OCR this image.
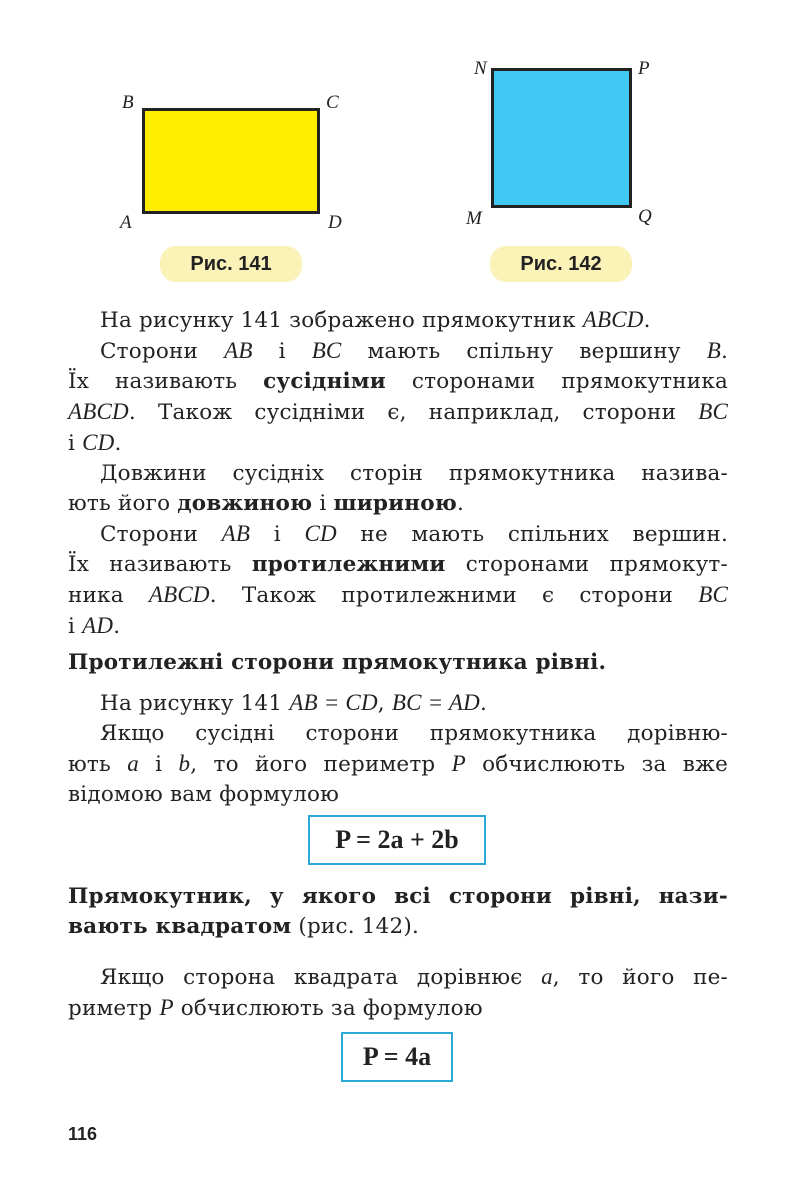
B	C
A	D
Рис. 141
N	P
M	Q
Рис. 142

На рисунку 141 зображено прямокутник ABCD.

Сторони AB і BC мають спільну вершину B.

Їх називають сусідніми сторонами прямокутника

ABCD. Також сусідніми є, наприклад, сторони BC

і CD.

Довжини сусідніх сторін прямокутника назива-

ють його довжиною і шириною.

Сторони AB і CD не мають спільних вершин.

Їх називають протилежними сторонами прямокут-

ника ABCD. Також протилежними є сторони BC

і AD.

Протилежні сторони прямокутника рівні.

На рисунку 141 AB = CD, BC = AD.

Якщо сусідні сторони прямокутника дорівню-

ють a і b, то його периметр P обчислюють за вже

відомою вам формулою

P = 2a + 2b

Прямокутник, у якого всі сторони рівні, нази-

вають квадратом (рис. 142).

Якщо сторона квадрата дорівнює a, то його пе-

риметр P обчислюють за формулою

P = 4a
116
